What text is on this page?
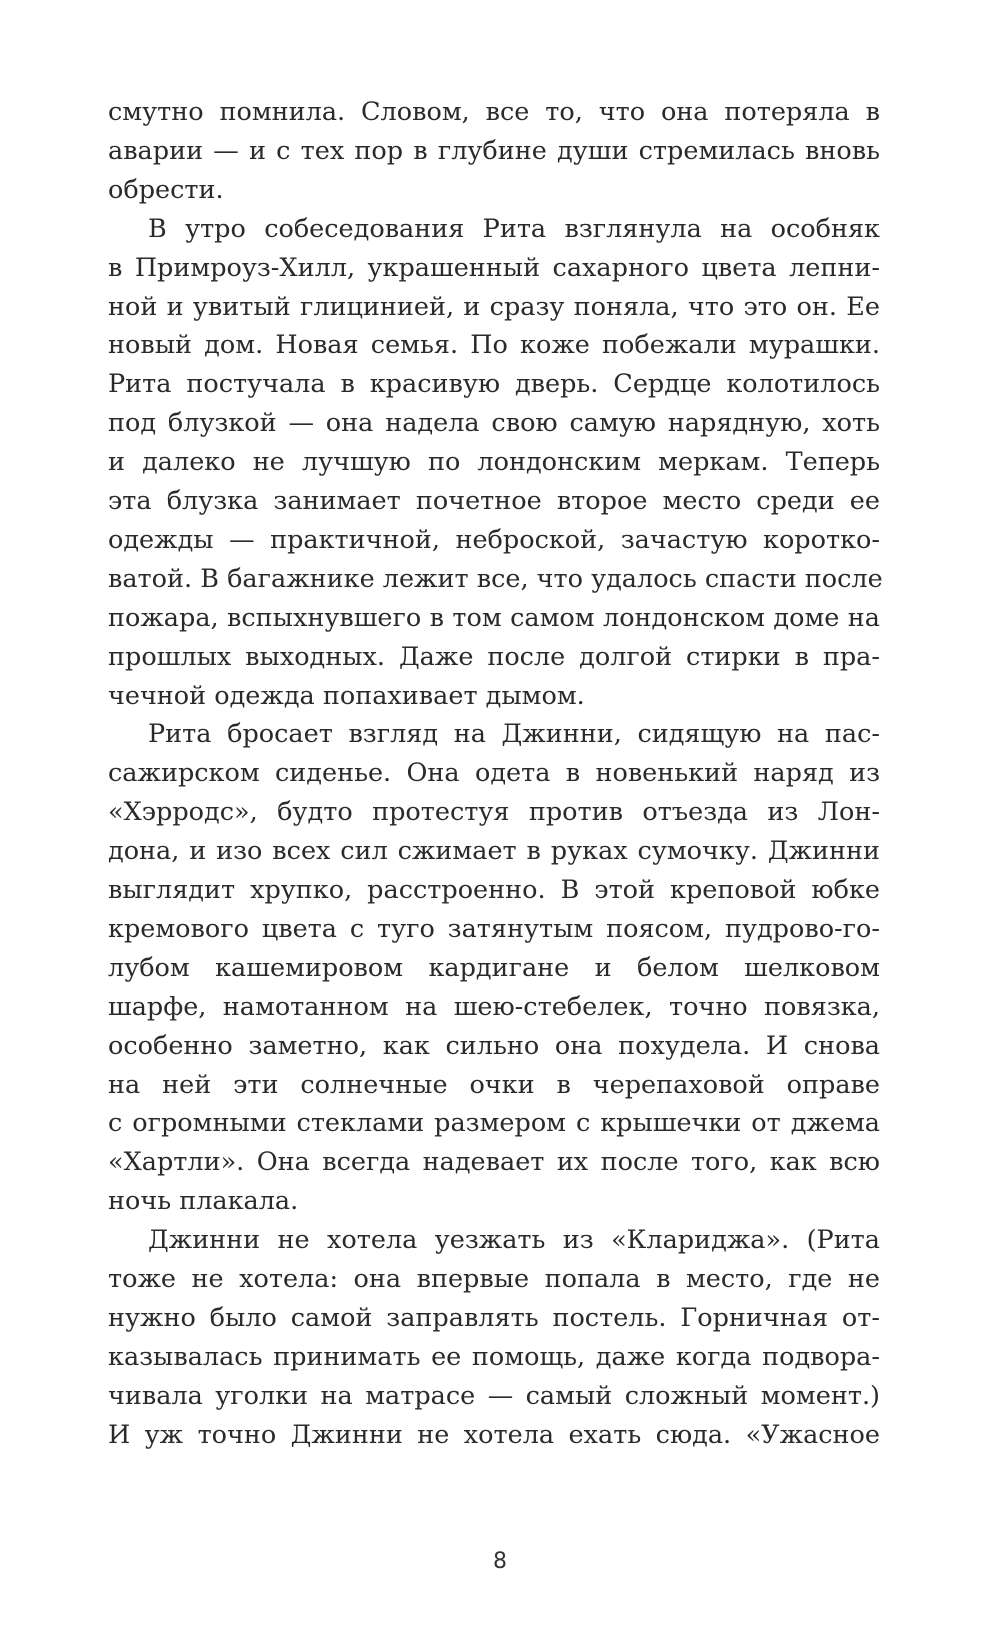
смутно помнила. Словом, все то, что она потеряла в
аварии — и с тех пор в глубине души стремилась вновь
обрести.
В утро собеседования Рита взглянула на особняк
в Примроуз-Хилл, украшенный сахарного цвета лепни-
ной и увитый глицинией, и сразу поняла, что это он. Ее
новый дом. Новая семья. По коже побежали мурашки.
Рита постучала в красивую дверь. Сердце колотилось
под блузкой — она надела свою самую нарядную, хоть
и далеко не лучшую по лондонским меркам. Теперь
эта блузка занимает почетное второе место среди ее
одежды — практичной, неброской, зачастую коротко-
ватой. В багажнике лежит все, что удалось спасти после
пожара, вспыхнувшего в том самом лондонском доме на
прошлых выходных. Даже после долгой стирки в пра-
чечной одежда попахивает дымом.
Рита бросает взгляд на Джинни, сидящую на пас-
сажирском сиденье. Она одета в новенький наряд из
«Хэрродс», будто протестуя против отъезда из Лон-
дона, и изо всех сил сжимает в руках сумочку. Джинни
выглядит хрупко, расстроенно. В этой креповой юбке
кремового цвета с туго затянутым поясом, пудрово-го-
лубом кашемировом кардигане и белом шелковом
шарфе, намотанном на шею-стебелек, точно повязка,
особенно заметно, как сильно она похудела. И снова
на ней эти солнечные очки в черепаховой оправе
с огромными стеклами размером с крышечки от джема
«Хартли». Она всегда надевает их после того, как всю
ночь плакала.
Джинни не хотела уезжать из «Клариджа». (Рита
тоже не хотела: она впервые попала в место, где не
нужно было самой заправлять постель. Горничная от-
казывалась принимать ее помощь, даже когда подвора-
чивала уголки на матрасе — самый сложный момент.)
И уж точно Джинни не хотела ехать сюда. «Ужасное
8
